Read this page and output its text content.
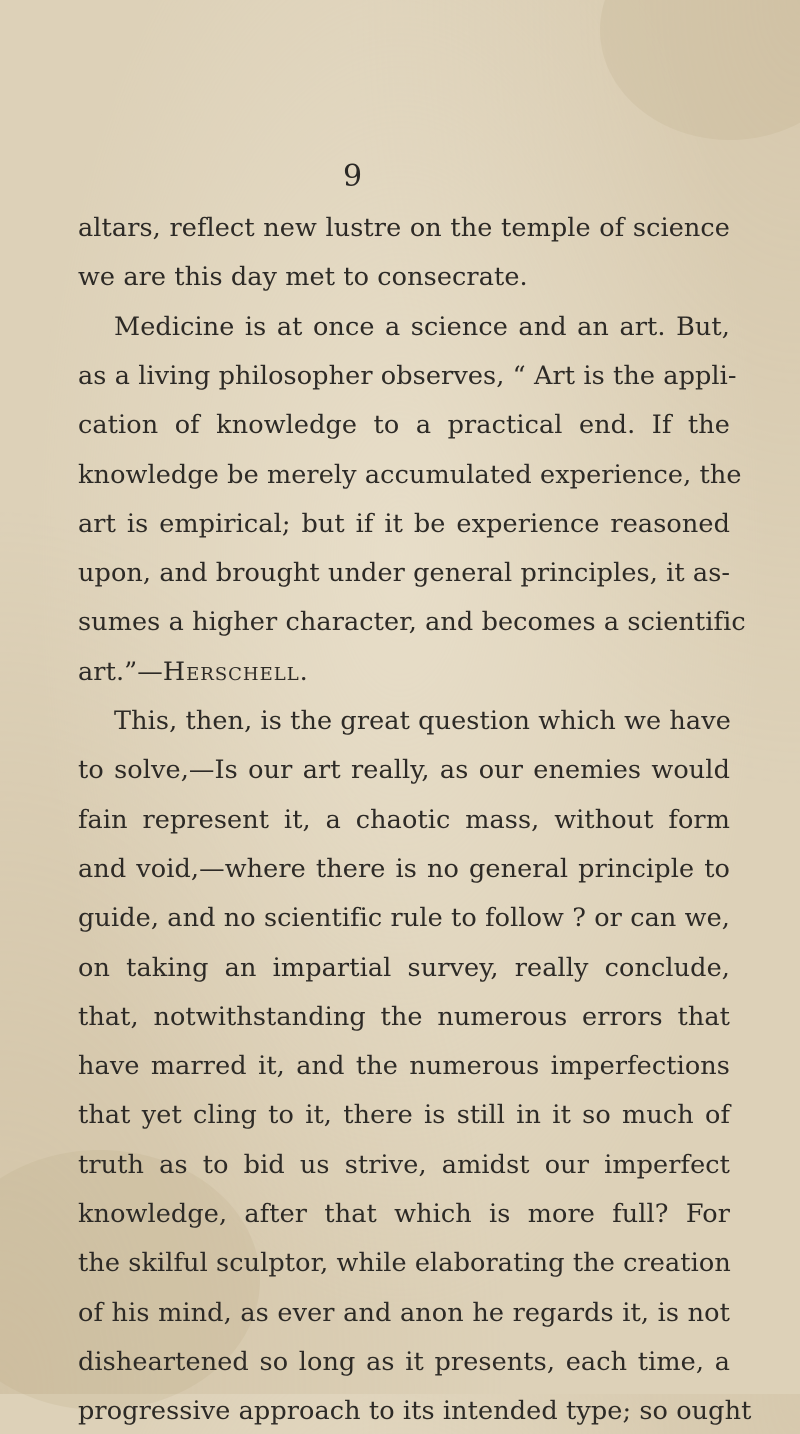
9
altars, reflect new lustre on the temple of science
we are this day met to consecrate.
Medicine is at once a science and an art. But,
as a living philosopher observes, “ Art is the appli-
cation of knowledge to a practical end. If the
knowledge be merely accumulated experience, the
art is empirical; but if it be experience reasoned
upon, and brought under general principles, it as-
sumes a higher character, and becomes a scientific
art.”—Herschell.
This, then, is the great question which we have
to solve,—Is our art really, as our enemies would
fain represent it, a chaotic mass, without form
and void,—where there is no general principle to
guide, and no scientific rule to follow ? or can we,
on taking an impartial survey, really conclude,
that, notwithstanding the numerous errors that
have marred it, and the numerous imperfections
that yet cling to it, there is still in it so much of
truth as to bid us strive, amidst our imperfect
knowledge, after that which is more full? For
the skilful sculptor, while elaborating the creation
of his mind, as ever and anon he regards it, is not
disheartened so long as it presents, each time, a
progressive approach to its intended type; so ought
